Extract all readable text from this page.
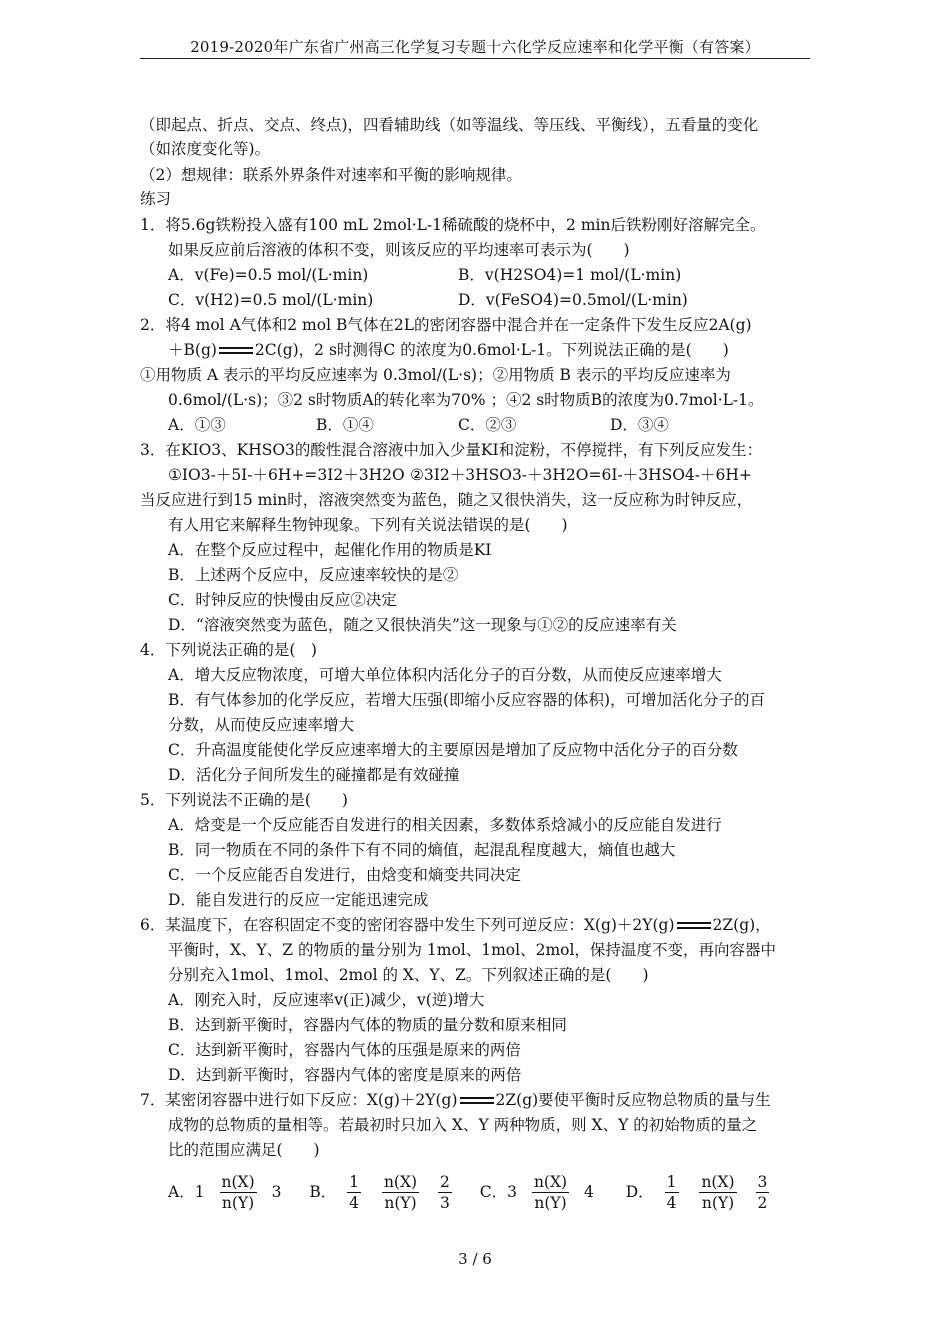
2019-2020年广东省广州高三化学复习专题十六化学反应速率和化学平衡（有答案）
（即起点、折点、交点、终点)，四看辅助线（如等温线、等压线、平衡线），五看量的变化
（如浓度变化等)。
（2）想规律：联系外界条件对速率和平衡的影响规律。
练习
1．将5.6g铁粉投入盛有100 mL 2mol·L-1稀硫酸的烧杯中，2 min后铁粉刚好溶解完全。
如果反应前后溶液的体积不变，则该反应的平均速率可表示为(　　)
A．v(Fe)=0.5 mol/(L·min)	B．v(H2SO4)=1 mol/(L·min)
C．v(H2)=0.5 mol/(L·min)	D．v(FeSO4)=0.5mol/(L·min)
2．将4 mol A气体和2 mol B气体在2L的密闭容器中混合并在一定条件下发生反应2A(g)
＋B(g) 2C(g)，2 s时测得C 的浓度为0.6mol·L-1。下列说法正确的是(　　)
①用物质 A 表示的平均反应速率为 0.3mol/(L·s)；②用物质 B 表示的平均反应速率为
0.6mol/(L·s)；③2 s时物质A的转化率为70% ；④2 s时物质B的浓度为0.7mol·L-1。
A．①③	B．①④	C．②③	D．③④
3．在KIO3、KHSO3的酸性混合溶液中加入少量KI和淀粉，不停搅拌，有下列反应发生：
①IO3-＋5I-＋6H+=3I2＋3H2O ②3I2＋3HSO3-＋3H2O=6I-＋3HSO4-＋6H+
当反应进行到15 min时，溶液突然变为蓝色，随之又很快消失，这一反应称为时钟反应，
有人用它来解释生物钟现象。下列有关说法错误的是(　　)
A．在整个反应过程中，起催化作用的物质是KI
B．上述两个反应中，反应速率较快的是②
C．时钟反应的快慢由反应②决定
D．“溶液突然变为蓝色，随之又很快消失”这一现象与①②的反应速率有关
4．下列说法正确的是(　)
A．增大反应物浓度，可增大单位体积内活化分子的百分数，从而使反应速率增大
B．有气体参加的化学反应，若增大压强(即缩小反应容器的体积)，可增加活化分子的百
分数，从而使反应速率增大
C．升高温度能使化学反应速率增大的主要原因是增加了反应物中活化分子的百分数
D．活化分子间所发生的碰撞都是有效碰撞
5．下列说法不正确的是(　　)
A．焓变是一个反应能否自发进行的相关因素，多数体系焓减小的反应能自发进行
B．同一物质在不同的条件下有不同的熵值，起混乱程度越大，熵值也越大
C．一个反应能否自发进行，由焓变和熵变共同决定
D．能自发进行的反应一定能迅速完成
6．某温度下，在容积固定不变的密闭容器中发生下列可逆反应：X(g)＋2Y(g) 2Z(g)，
平衡时，X、Y、Z 的物质的量分别为 1mol、1mol、2mol，保持温度不变，再向容器中
分别充入1mol、1mol、2mol 的 X、Y、Z。下列叙述正确的是(　　)
A．刚充入时，反应速率v(正)减少，v(逆)增大
B．达到新平衡时，容器内气体的物质的量分数和原来相同
C．达到新平衡时，容器内气体的压强是原来的两倍
D．达到新平衡时，容器内气体的密度是原来的两倍
7．某密闭容器中进行如下反应：X(g)＋2Y(g) 2Z(g)要使平衡时反应物总物质的量与生
成物的总物质的量相等。若最初时只加入 X、Y 两种物质，则 X、Y 的初始物质的量之
比的范围应满足(　　)
A．$1 \frac{n(X)}{n(Y)} 3$ B． $\frac{1}{4}$
$\frac{n(X)}{n(Y)}$
$\frac{2}{3}$ C．$3 \frac{n(X)}{n(Y)} 4$ D． $\frac{1}{4}$
$\frac{n(X)}{n(Y)}$
$\frac{3}{2}$
3 / 6
